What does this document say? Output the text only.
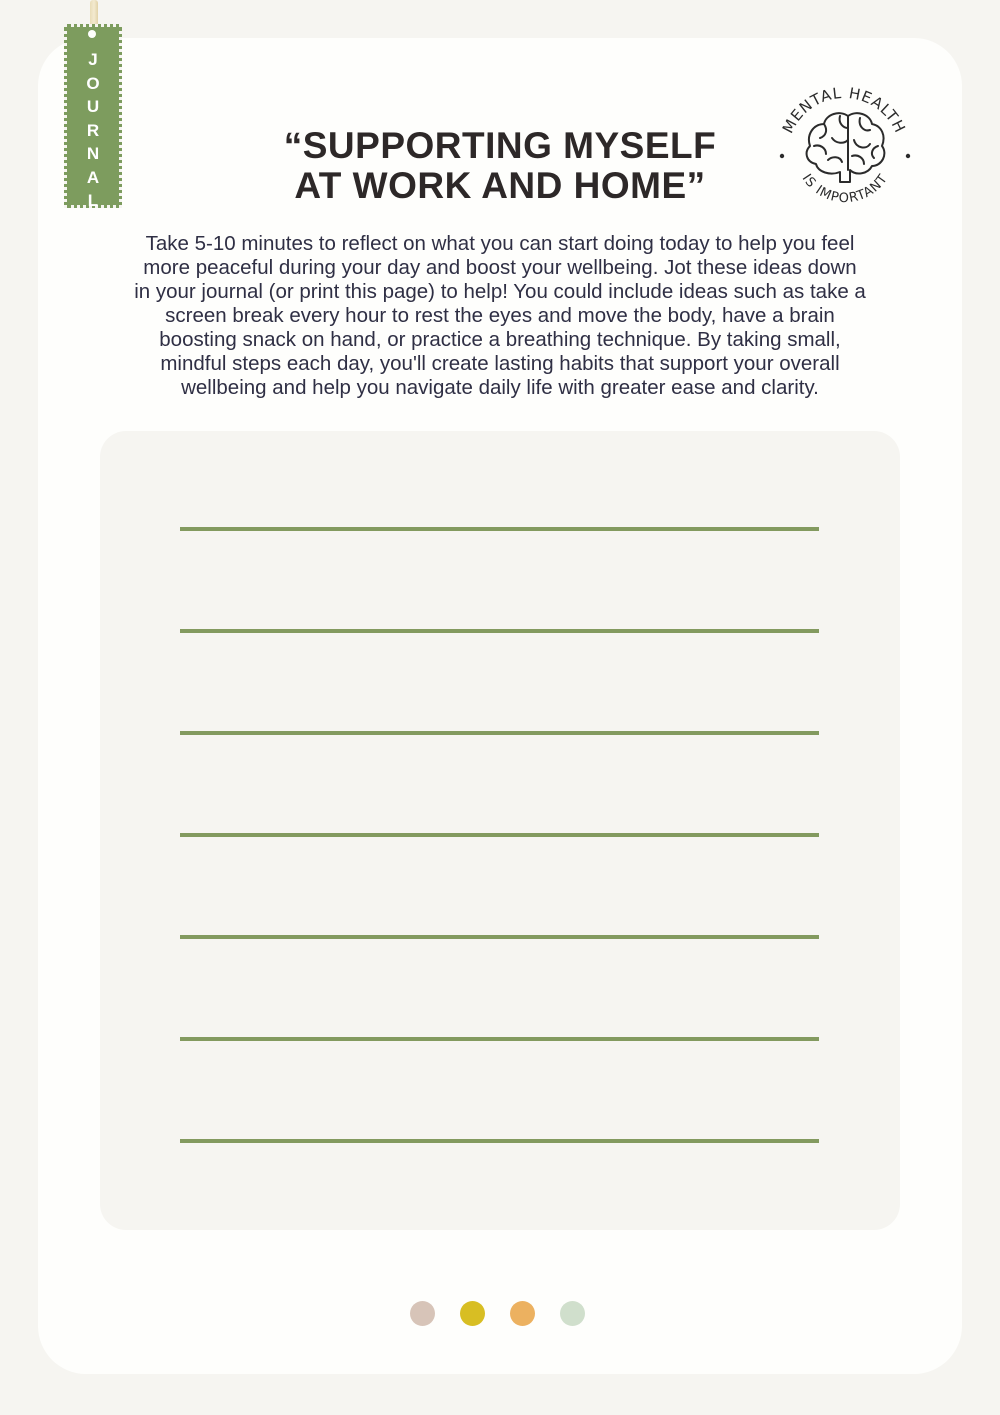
J
O
U
R
N
A
L
“SUPPORTING MYSELF
AT WORK AND HOME”
MENTAL HEALTH
IS IMPORTANT
Take 5-10 minutes to reflect on what you can start doing today to help you feel
more peaceful during your day and boost your wellbeing. Jot these ideas down
in your journal (or print this page) to help! You could include ideas such as take a
screen break every hour to rest the eyes and move the body, have a brain
boosting snack on hand, or practice a breathing technique. By taking small,
mindful steps each day, you'll create lasting habits that support your overall
wellbeing and help you navigate daily life with greater ease and clarity.
